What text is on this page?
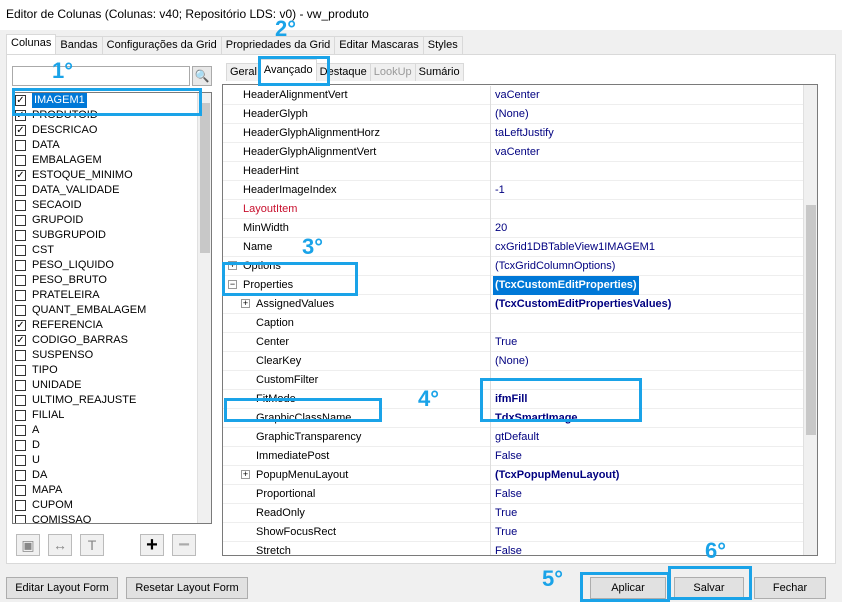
Editor de Colunas (Colunas: v40; Repositório LDS: v0) - vw_produto
Colunas Bandas Configurações da Grid Propriedades da Grid Editar Mascaras Styles
🔍
✓ IMAGEM1
✓ PRODUTOID
✓ DESCRICAO
DATA
EMBALAGEM
✓ ESTOQUE_MINIMO
DATA_VALIDADE
SECAOID
GRUPOID
SUBGRUPOID
CST
PESO_LIQUIDO
PESO_BRUTO
PRATELEIRA
QUANT_EMBALAGEM
✓ REFERENCIA
✓ CODIGO_BARRAS
SUSPENSO
TIPO
UNIDADE
ULTIMO_REAJUSTE
FILIAL
A
D
U
DA
MAPA
CUPOM
COMISSAO
▣	↔	T	+	−
Geral Avançado Destaque LookUp Sumário
HeaderAlignmentVert	vaCenter
HeaderGlyph	(None)
HeaderGlyphAlignmentHorz	taLeftJustify
HeaderGlyphAlignmentVert	vaCenter
HeaderHint
HeaderImageIndex	-1
LayoutItem
MinWidth	20
Name	cxGrid1DBTableView1IMAGEM1
+ Options	(TcxGridColumnOptions)
− Properties	(TcxCustomEditProperties)
+ AssignedValues	(TcxCustomEditPropertiesValues)
Caption
Center	True
ClearKey	(None)
CustomFilter
FitMode	ifmFill
GraphicClassName	TdxSmartImage
GraphicTransparency	gtDefault
ImmediatePost	False
+ PopupMenuLayout	(TcxPopupMenuLayout)
Proportional	False
ReadOnly	True
ShowFocusRect	True
Stretch	False
Editar Layout Form	Resetar Layout Form	Aplicar	Salvar	Fechar
1°
2°
3°
4°
5°
6°
